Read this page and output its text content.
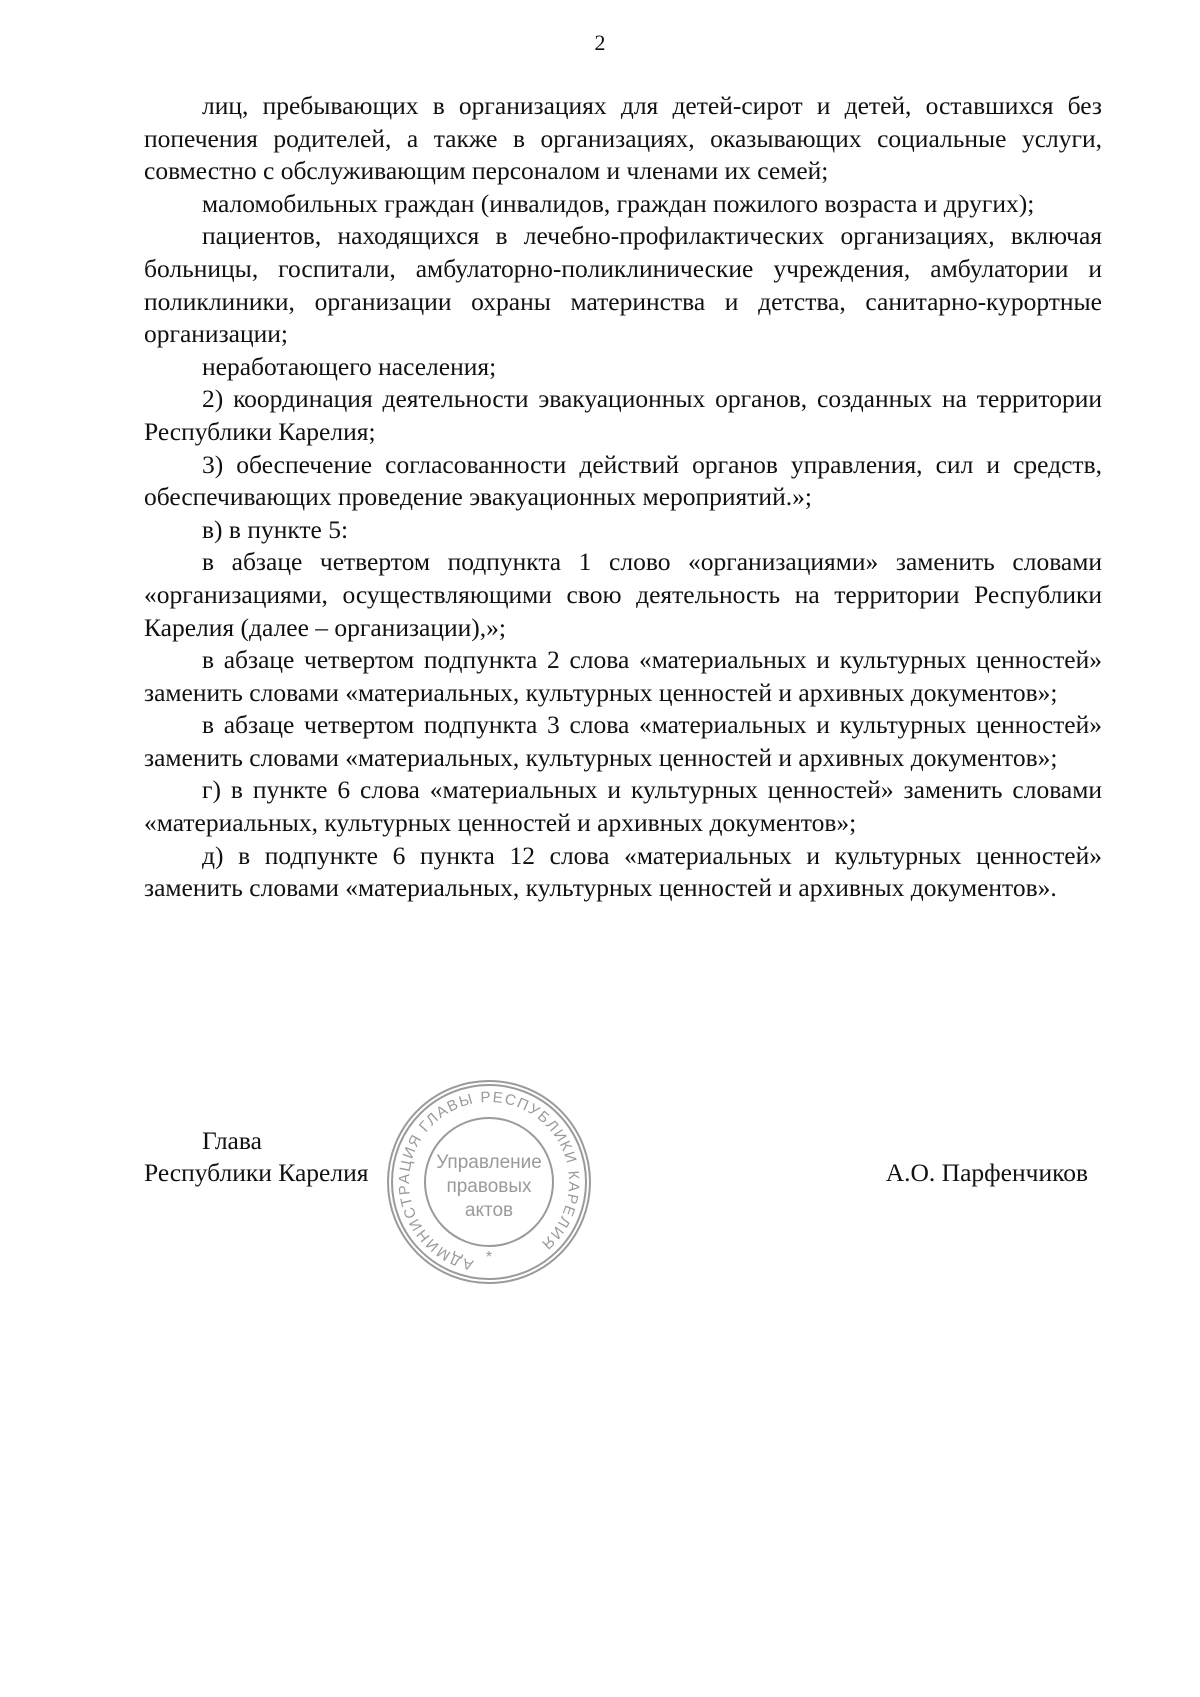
2

лиц, пребывающих в организациях для детей-сирот и детей, оставшихся без попечения родителей, а также в организациях, оказывающих социальные услуги, совместно с обслуживающим персоналом и членами их семей;

маломобильных граждан (инвалидов, граждан пожилого возраста и других);

пациентов, находящихся в лечебно-профилактических организациях, включая больницы, госпитали, амбулаторно-поликлинические учреждения, амбулатории и поликлиники, организации охраны материнства и детства, санитарно-курортные организации;

неработающего населения;

2) координация деятельности эвакуационных органов, созданных на территории Республики Карелия;

3) обеспечение согласованности действий органов управления, сил и средств, обеспечивающих проведение эвакуационных мероприятий.»;

в) в пункте 5:

в абзаце четвертом подпункта 1 слово «организациями» заменить словами «организациями, осуществляющими свою деятельность на территории Республики Карелия (далее – организации),»;

в абзаце четвертом подпункта 2 слова «материальных и культурных ценностей» заменить словами «материальных, культурных ценностей и архивных документов»;

в абзаце четвертом подпункта 3 слова «материальных и культурных ценностей» заменить словами «материальных, культурных ценностей и архивных документов»;

г) в пункте 6 слова «материальных и культурных ценностей» заменить словами «материальных, культурных ценностей и архивных документов»;

д) в подпункте 6 пункта 12 слова «материальных и культурных ценностей» заменить словами «материальных, культурных ценностей и архивных документов».

Глава
Республики Карелия	А.О. Парфенчиков
АДМИНИСТРАЦИЯ ГЛАВЫ РЕСПУБЛИКИ КАРЕЛИЯ
*
Управление
правовых
актов
